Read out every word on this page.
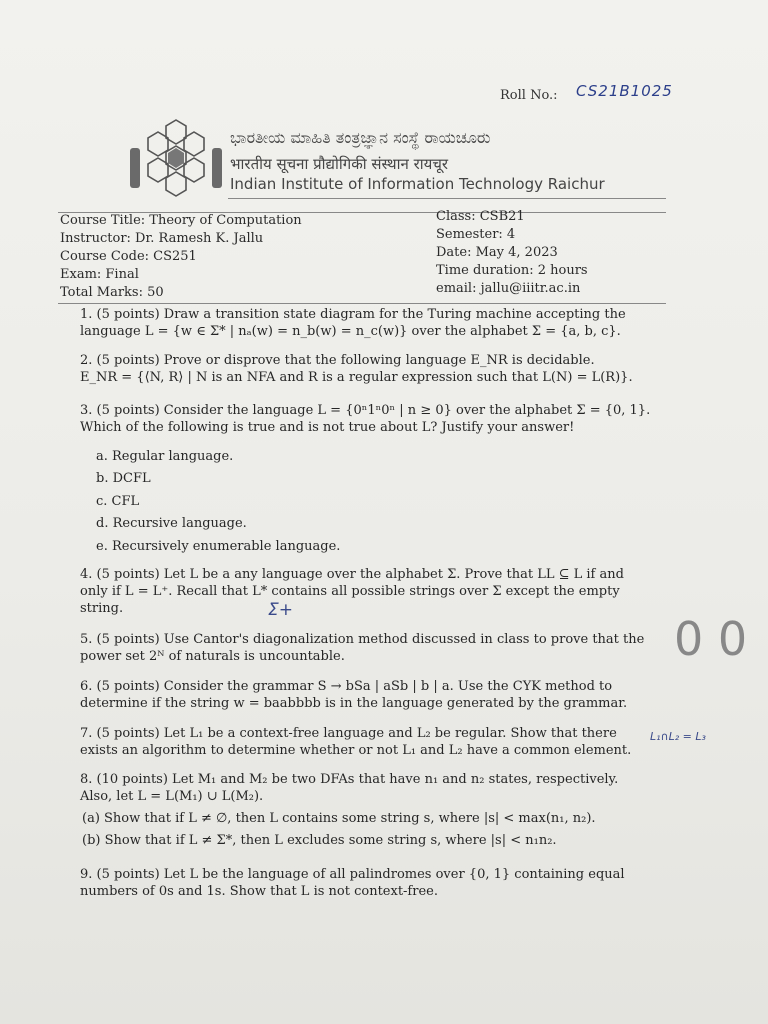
Roll No.: CS21B1025
ಭಾರತೀಯ ಮಾಹಿತಿ ತಂತ್ರಜ್ಞಾನ ಸಂಸ್ಥೆ ರಾಯಚೂರು
भारतीय सूचना प्रौद्योगिकी संस्थान रायचूर
Indian Institute of Information Technology Raichur
Course Title: Theory of Computation
Instructor: Dr. Ramesh K. Jallu
Course Code: CS251
Exam: Final
Total Marks: 50
Class: CSB21
Semester: 4
Date: May 4, 2023
Time duration: 2 hours
email: jallu@iiitr.ac.in
1. (5 points) Draw a transition state diagram for the Turing machine accepting the
language L = {w ∈ Σ* | nₐ(w) = n_b(w) = n_c(w)} over the alphabet Σ = {a, b, c}.
2. (5 points) Prove or disprove that the following language E_NR is decidable.
E_NR = {⟨N, R⟩ | N is an NFA and R is a regular expression such that L(N) = L(R)}.
3. (5 points) Consider the language L = {0ⁿ1ⁿ0ⁿ | n ≥ 0} over the alphabet Σ = {0, 1}.
Which of the following is true and is not true about L? Justify your answer!
a. Regular language.
b. DCFL
c. CFL
d. Recursive language.
e. Recursively enumerable language.
4. (5 points) Let L be a any language over the alphabet Σ. Prove that LL ⊆ L if and
only if L = L⁺. Recall that L* contains all possible strings over Σ except the empty
string.	Σ+
5. (5 points) Use Cantor's diagonalization method discussed in class to prove that the
power set 2ᴺ of naturals is uncountable.	0 0
6. (5 points) Consider the grammar S → bSa | aSb | b | a. Use the CYK method to
determine if the string w = baabbbb is in the language generated by the grammar.
7. (5 points) Let L₁ be a context-free language and L₂ be regular. Show that there
exists an algorithm to determine whether or not L₁ and L₂ have a common element.
L₁∩L₂ = L₃
8. (10 points) Let M₁ and M₂ be two DFAs that have n₁ and n₂ states, respectively.
Also, let L = L(M₁) ∪ L(M₂).
(a) Show that if L ≠ ∅, then L contains some string s, where |s| < max(n₁, n₂).
(b) Show that if L ≠ Σ*, then L excludes some string s, where |s| < n₁n₂.
9. (5 points) Let L be the language of all palindromes over {0, 1} containing equal
numbers of 0s and 1s. Show that L is not context-free.
